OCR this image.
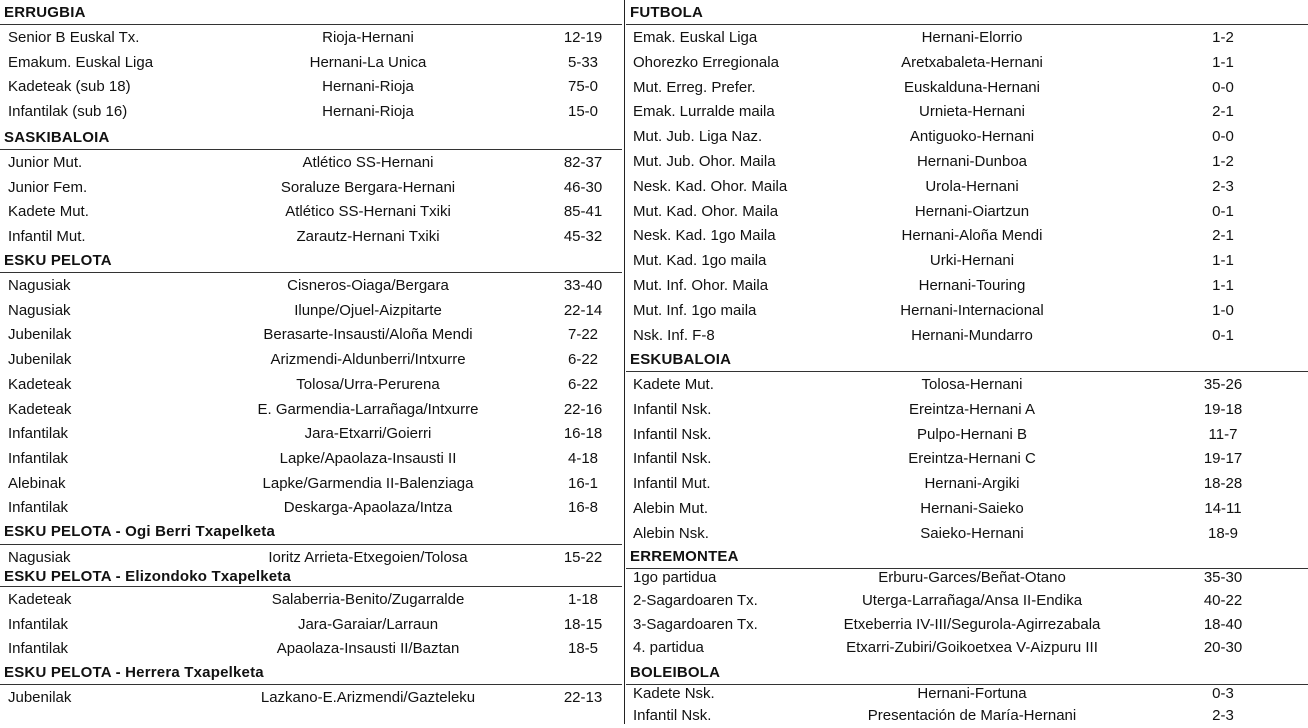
ERRUGBIA
Senior B Euskal Tx.	Rioja-Hernani	12-19
Emakum. Euskal Liga	Hernani-La Unica	5-33
Kadeteak (sub 18)	Hernani-Rioja	75-0
Infantilak (sub 16)	Hernani-Rioja	15-0
SASKIBALOIA
Junior Mut.	Atlético SS-Hernani	82-37
Junior Fem.	Soraluze Bergara-Hernani	46-30
Kadete Mut.	Atlético SS-Hernani Txiki	85-41
Infantil Mut.	Zarautz-Hernani Txiki	45-32
ESKU PELOTA
Nagusiak	Cisneros-Oiaga/Bergara	33-40
Nagusiak	Ilunpe/Ojuel-Aizpitarte	22-14
Jubenilak	Berasarte-Insausti/Aloña Mendi	7-22
Jubenilak	Arizmendi-Aldunberri/Intxurre	6-22
Kadeteak	Tolosa/Urra-Perurena	6-22
Kadeteak	E. Garmendia-Larrañaga/Intxurre	22-16
Infantilak	Jara-Etxarri/Goierri	16-18
Infantilak	Lapke/Apaolaza-Insausti II	4-18
Alebinak	Lapke/Garmendia II-Balenziaga	16-1
Infantilak	Deskarga-Apaolaza/Intza	16-8
ESKU PELOTA - Ogi Berri Txapelketa
Nagusiak	Ioritz Arrieta-Etxegoien/Tolosa	15-22
ESKU PELOTA - Elizondoko Txapelketa
Kadeteak	Salaberria-Benito/Zugarralde	1-18
Infantilak	Jara-Garaiar/Larraun	18-15
Infantilak	Apaolaza-Insausti II/Baztan	18-5
ESKU PELOTA - Herrera Txapelketa
Jubenilak	Lazkano-E.Arizmendi/Gazteleku	22-13
FUTBOLA
Emak. Euskal Liga	Hernani-Elorrio	1-2
Ohorezko Erregionala	Aretxabaleta-Hernani	1-1
Mut. Erreg. Prefer.	Euskalduna-Hernani	0-0
Emak. Lurralde maila	Urnieta-Hernani	2-1
Mut. Jub. Liga Naz.	Antiguoko-Hernani	0-0
Mut. Jub. Ohor. Maila	Hernani-Dunboa	1-2
Nesk. Kad. Ohor. Maila	Urola-Hernani	2-3
Mut. Kad. Ohor. Maila	Hernani-Oiartzun	0-1
Nesk. Kad. 1go Maila	Hernani-Aloña Mendi	2-1
Mut. Kad. 1go maila	Urki-Hernani	1-1
Mut. Inf. Ohor. Maila	Hernani-Touring	1-1
Mut. Inf. 1go maila	Hernani-Internacional	1-0
Nsk. Inf. F-8	Hernani-Mundarro	0-1
ESKUBALOIA
Kadete Mut.	Tolosa-Hernani	35-26
Infantil Nsk.	Ereintza-Hernani A	19-18
Infantil Nsk.	Pulpo-Hernani B	11-7
Infantil Nsk.	Ereintza-Hernani C	19-17
Infantil Mut.	Hernani-Argiki	18-28
Alebin Mut.	Hernani-Saieko	14-11
Alebin Nsk.	Saieko-Hernani	18-9
ERREMONTEA
1go partidua	Erburu-Garces/Beñat-Otano	35-30
2-Sagardoaren Tx.	Uterga-Larrañaga/Ansa II-Endika	40-22
3-Sagardoaren Tx.	Etxeberria IV-III/Segurola-Agirrezabala	18-40
4. partidua	Etxarri-Zubiri/Goikoetxea V-Aizpuru III	20-30
BOLEIBOLA
Kadete Nsk.	Hernani-Fortuna	0-3
Infantil Nsk.	Presentación de María-Hernani	2-3
